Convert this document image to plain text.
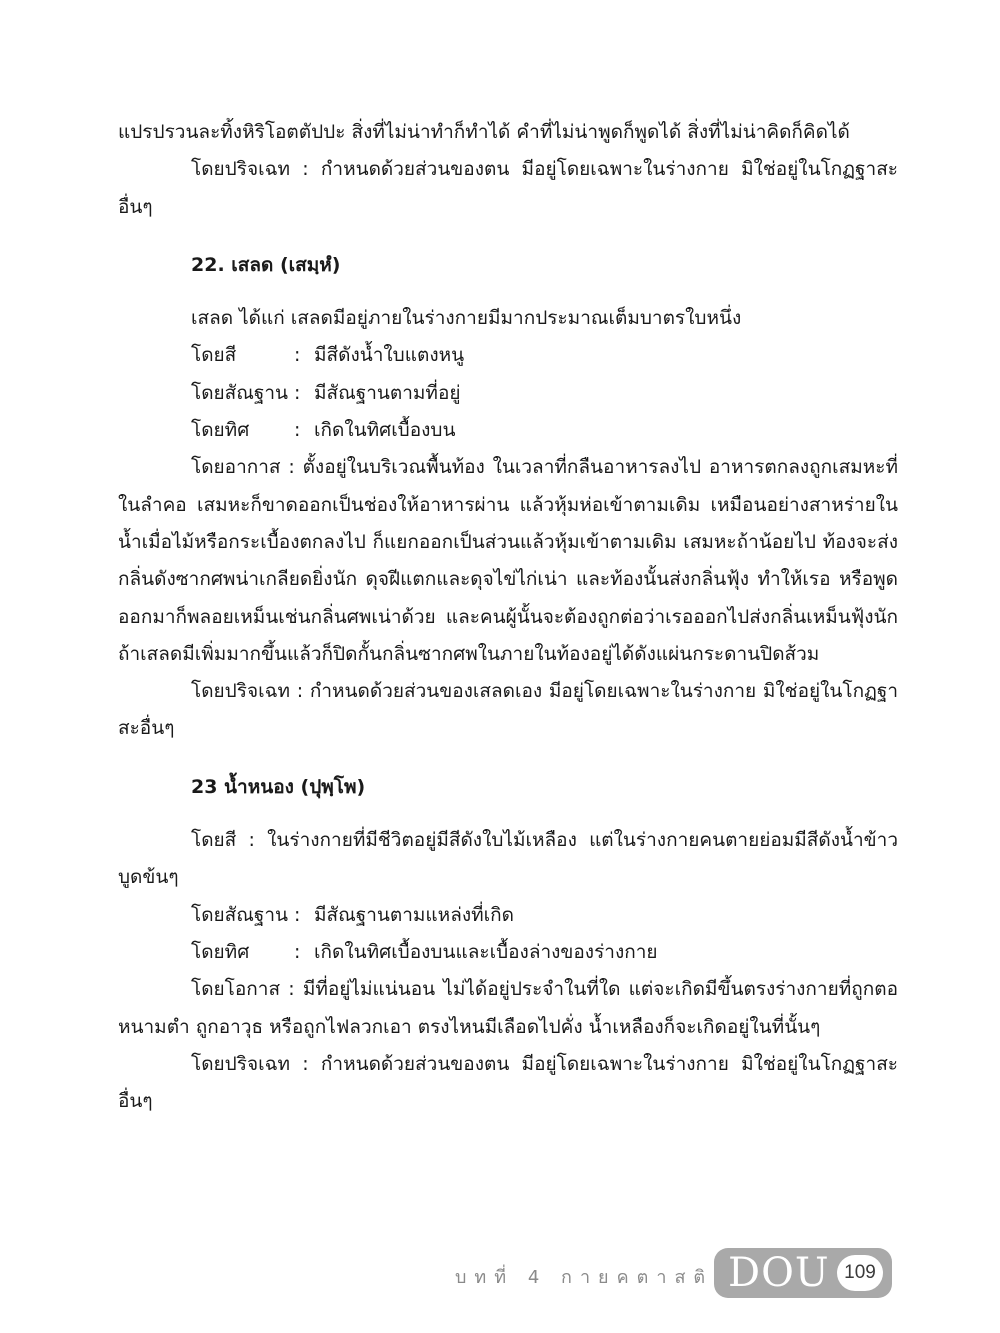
แปรปรวนละทิ้งหิริโอตตัปปะ สิ่งที่ไม่น่าทำก็ทำได้ คำที่ไม่น่าพูดก็พูดได้ สิ่งที่ไม่น่าคิดก็คิดได้

โดยปริจเฉท : กำหนดด้วยส่วนของตน มีอยู่โดยเฉพาะในร่างกาย มิใช่อยู่ในโกฏฐาสะอื่นๆ

22. เสลด (เสมฺหํ)

เสลด ได้แก่ เสลดมีอยู่ภายในร่างกายมีมากประมาณเต็มบาตรใบหนึ่ง

โดยสี	: มีสีดังน้ำใบแตงหนู
โดยสัณฐาน : มีสัณฐานตามที่อยู่
โดยทิศ	: เกิดในทิศเบื้องบน

โดยอากาส : ตั้งอยู่ในบริเวณพื้นท้อง ในเวลาที่กลืนอาหารลงไป อาหารตกลงถูกเสมหะที่ในลำคอ เสมหะก็ขาดออกเป็นช่องให้อาหารผ่าน แล้วหุ้มห่อเข้าตามเดิม เหมือนอย่างสาหร่ายในน้ำเมื่อไม้หรือกระเบื้องตกลงไป ก็แยกออกเป็นส่วนแล้วหุ้มเข้าตามเดิม เสมหะถ้าน้อยไป ท้องจะส่งกลิ่นดังซากศพน่าเกลียดยิ่งนัก ดุจฝีแตกและดุจไข่ไก่เน่า และท้องนั้นส่งกลิ่นฟุ้ง ทำให้เรอ หรือพูดออกมาก็พลอยเหม็นเช่นกลิ่นศพเน่าด้วย และคนผู้นั้นจะต้องถูกต่อว่าเรอออกไปส่งกลิ่นเหม็นฟุ้งนักถ้าเสลดมีเพิ่มมากขึ้นแล้วก็ปิดกั้นกลิ่นซากศพในภายในท้องอยู่ได้ดังแผ่นกระดานปิดส้วม

โดยปริจเฉท : กำหนดด้วยส่วนของเสลดเอง มีอยู่โดยเฉพาะในร่างกาย มิใช่อยู่ในโกฏฐาสะอื่นๆ

23 น้ำหนอง (ปุพฺโพ)

โดยสี : ในร่างกายที่มีชีวิตอยู่มีสีดังใบไม้เหลือง แต่ในร่างกายคนตายย่อมมีสีดังน้ำข้าวบูดข้นๆ

โดยสัณฐาน : มีสัณฐานตามแหล่งที่เกิด
โดยทิศ	: เกิดในทิศเบื้องบนและเบื้องล่างของร่างกาย

โดยโอกาส : มีที่อยู่ไม่แน่นอน ไม่ได้อยู่ประจำในที่ใด แต่จะเกิดมีขึ้นตรงร่างกายที่ถูกตอหนามตำ ถูกอาวุธ หรือถูกไฟลวกเอา ตรงไหนมีเลือดไปคั่ง น้ำเหลืองก็จะเกิดอยู่ในที่นั้นๆ

โดยปริจเฉท : กำหนดด้วยส่วนของตน มีอยู่โดยเฉพาะในร่างกาย มิใช่อยู่ในโกฏฐาสะอื่นๆ

บทที่ 4 กายคตาสติ DOU 109
